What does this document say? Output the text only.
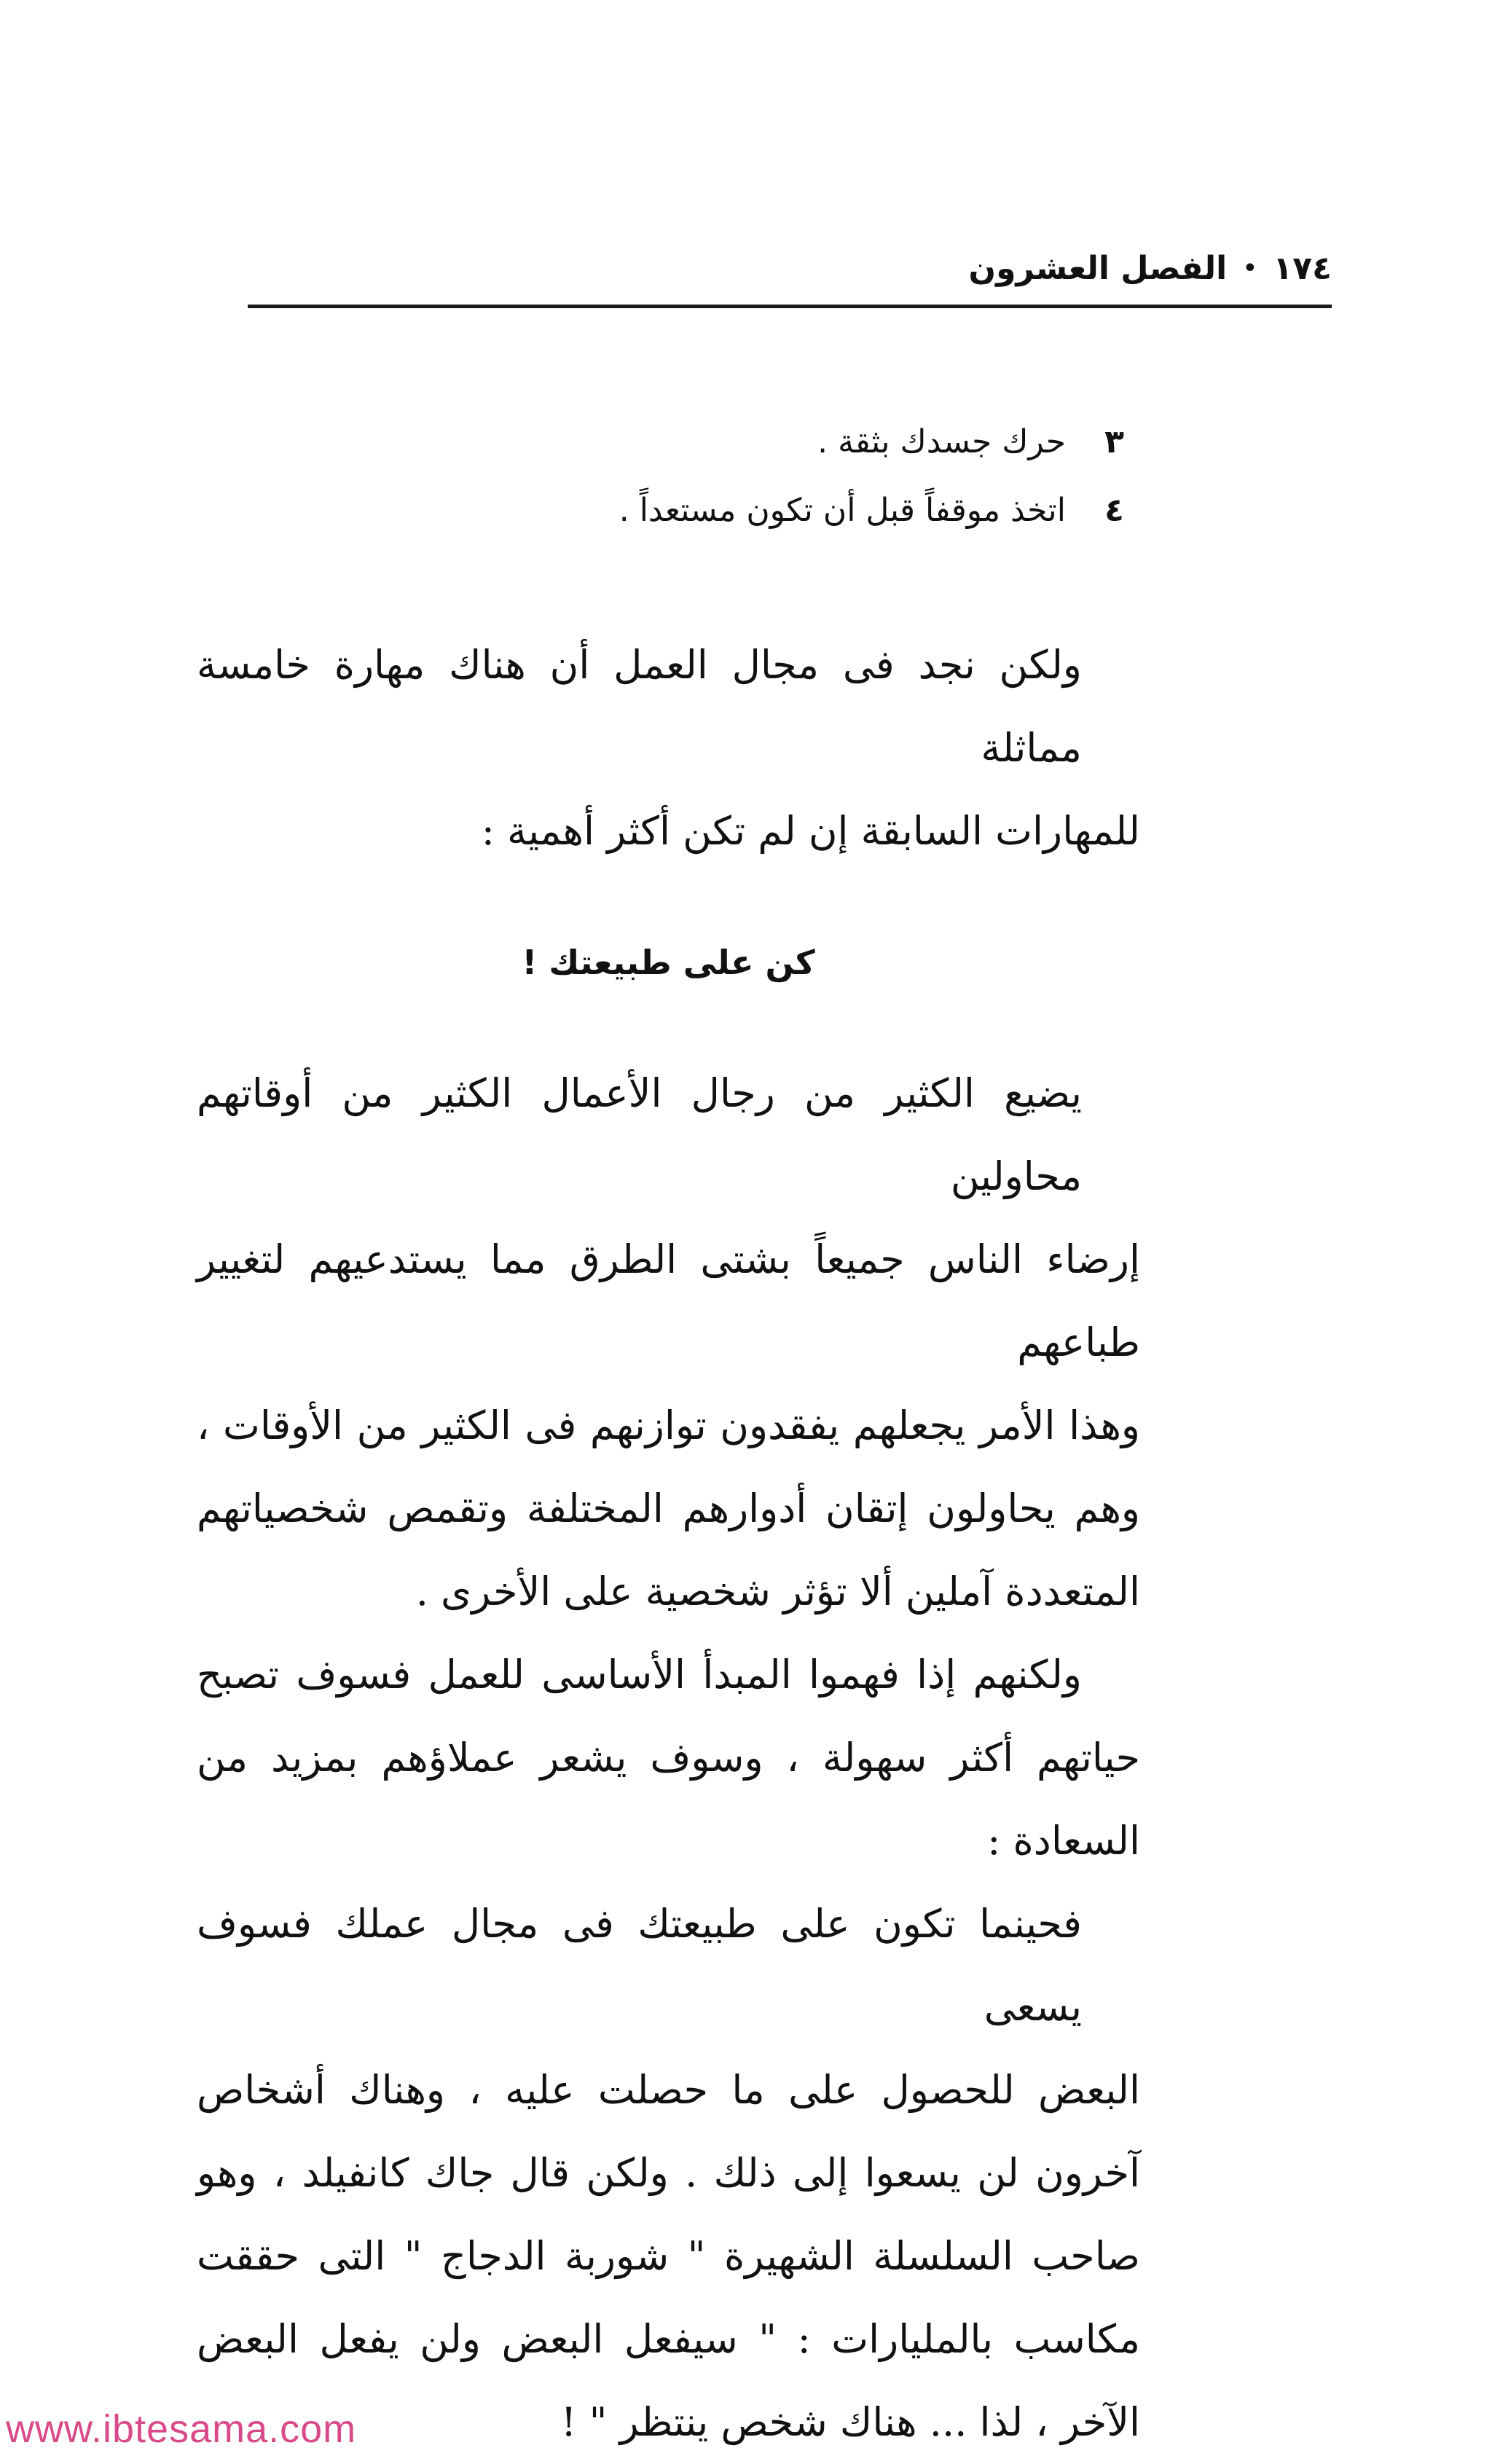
١٧٤
•
الفصل العشرون
٣
حرك جسدك بثقة .
٤
اتخذ موقفاً قبل أن تكون مستعداً .

ولكن نجد فى مجال العمل أن هناك مهارة خامسة مماثلة

للمهارات السابقة إن لم تكن أكثر أهمية :

كن على طبيعتك !

يضيع الكثير من رجال الأعمال الكثير من أوقاتهم محاولين
إرضاء الناس جميعاً بشتى الطرق مما يستدعيهم لتغيير طباعهم
وهذا الأمر يجعلهم يفقدون توازنهم فى الكثير من الأوقات ،
وهم يحاولون إتقان أدوارهم المختلفة وتقمص شخصياتهم
المتعددة آملين ألا تؤثر شخصية على الأخرى .

ولكنهم إذا فهموا المبدأ الأساسى للعمل فسوف تصبح
حياتهم أكثر سهولة ، وسوف يشعر عملاؤهم بمزيد من
السعادة :

فحينما تكون على طبيعتك فى مجال عملك فسوف يسعى
البعض للحصول على ما حصلت عليه ، وهناك أشخاص
آخرون لن يسعوا إلى ذلك . ولكن قال جاك كانفيلد ، وهو
صاحب السلسلة الشهيرة " شوربة الدجاج " التى حققت
مكاسب بالمليارات : " سيفعل البعض ولن يفعل البعض
الآخر ، لذا ... هناك شخص ينتظر " !

www.ibtesama.com
